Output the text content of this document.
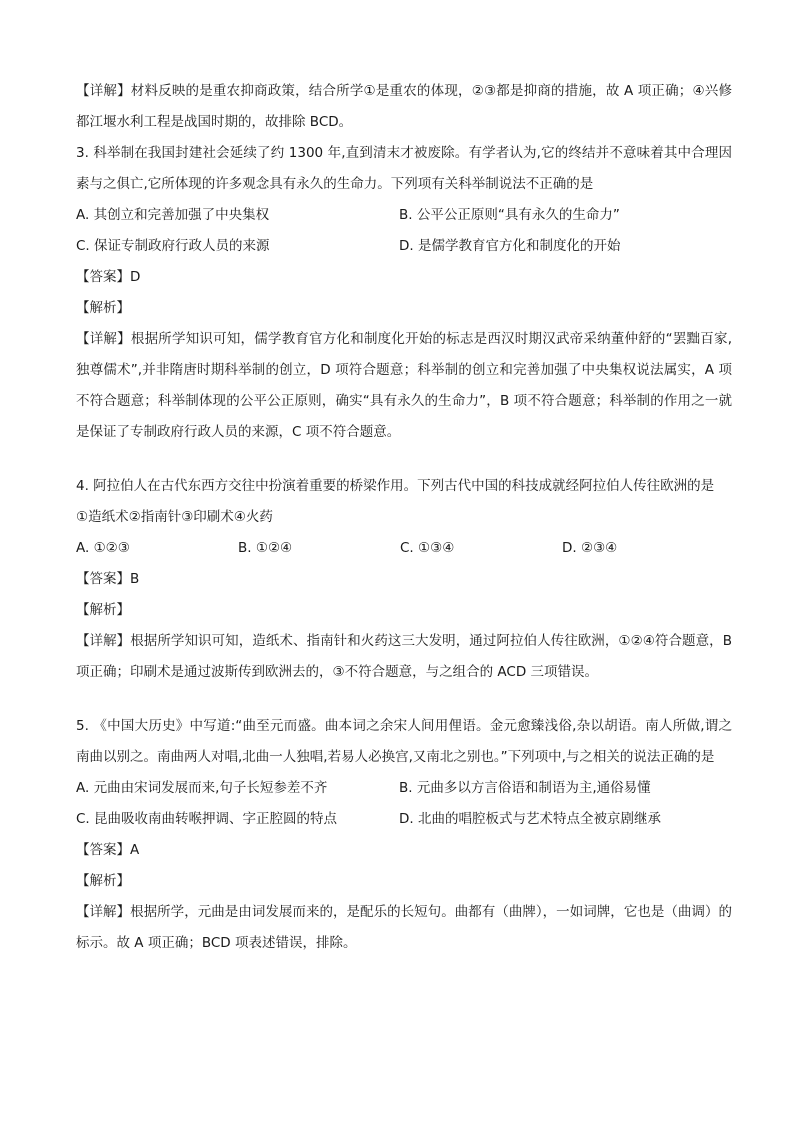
【详解】材料反映的是重农抑商政策，结合所学①是重农的体现，②③都是抑商的措施，故 A 项正确；④兴修都江堰水利工程是战国时期的，故排除 BCD。
3. 科举制在我国封建社会延续了约 1300 年,直到清末才被废除。有学者认为,它的终结并不意味着其中合理因素与之俱亡,它所体现的许多观念具有永久的生命力。下列项有关科举制说法不正确的是
A. 其创立和完善加强了中央集权	B. 公平公正原则“具有永久的生命力”
C. 保证专制政府行政人员的来源	D. 是儒学教育官方化和制度化的开始
【答案】D
【解析】
【详解】根据所学知识可知，儒学教育官方化和制度化开始的标志是西汉时期汉武帝采纳董仲舒的“罢黜百家,独尊儒术”,并非隋唐时期科举制的创立，D 项符合题意；科举制的创立和完善加强了中央集权说法属实，A 项不符合题意；科举制体现的公平公正原则，确实“具有永久的生命力”，B 项不符合题意；科举制的作用之一就是保证了专制政府行政人员的来源，C 项不符合题意。
4. 阿拉伯人在古代东西方交往中扮演着重要的桥梁作用。下列古代中国的科技成就经阿拉伯人传往欧洲的是
①造纸术②指南针③印刷术④火药
A. ①②③	B. ①②④	C. ①③④	D. ②③④
【答案】B
【解析】
【详解】根据所学知识可知，造纸术、指南针和火药这三大发明，通过阿拉伯人传往欧洲，①②④符合题意，B 项正确；印刷术是通过波斯传到欧洲去的，③不符合题意，与之组合的 ACD 三项错误。
5. 《中国大历史》中写道:“曲至元而盛。曲本词之余宋人间用俚语。金元愈臻浅俗,杂以胡语。南人所做,谓之南曲以别之。南曲两人对唱,北曲一人独唱,若易人必换宫,又南北之别也。”下列项中,与之相关的说法正确的是
A. 元曲由宋词发展而来,句子长短参差不齐	B. 元曲多以方言俗语和制语为主,通俗易懂
C. 昆曲吸收南曲转喉押调、字正腔圆的特点	D. 北曲的唱腔板式与艺术特点全被京剧继承
【答案】A
【解析】
【详解】根据所学，元曲是由词发展而来的，是配乐的长短句。曲都有（曲牌），一如词牌，它也是（曲调）的标示。故 A 项正确；BCD 项表述错误，排除。
